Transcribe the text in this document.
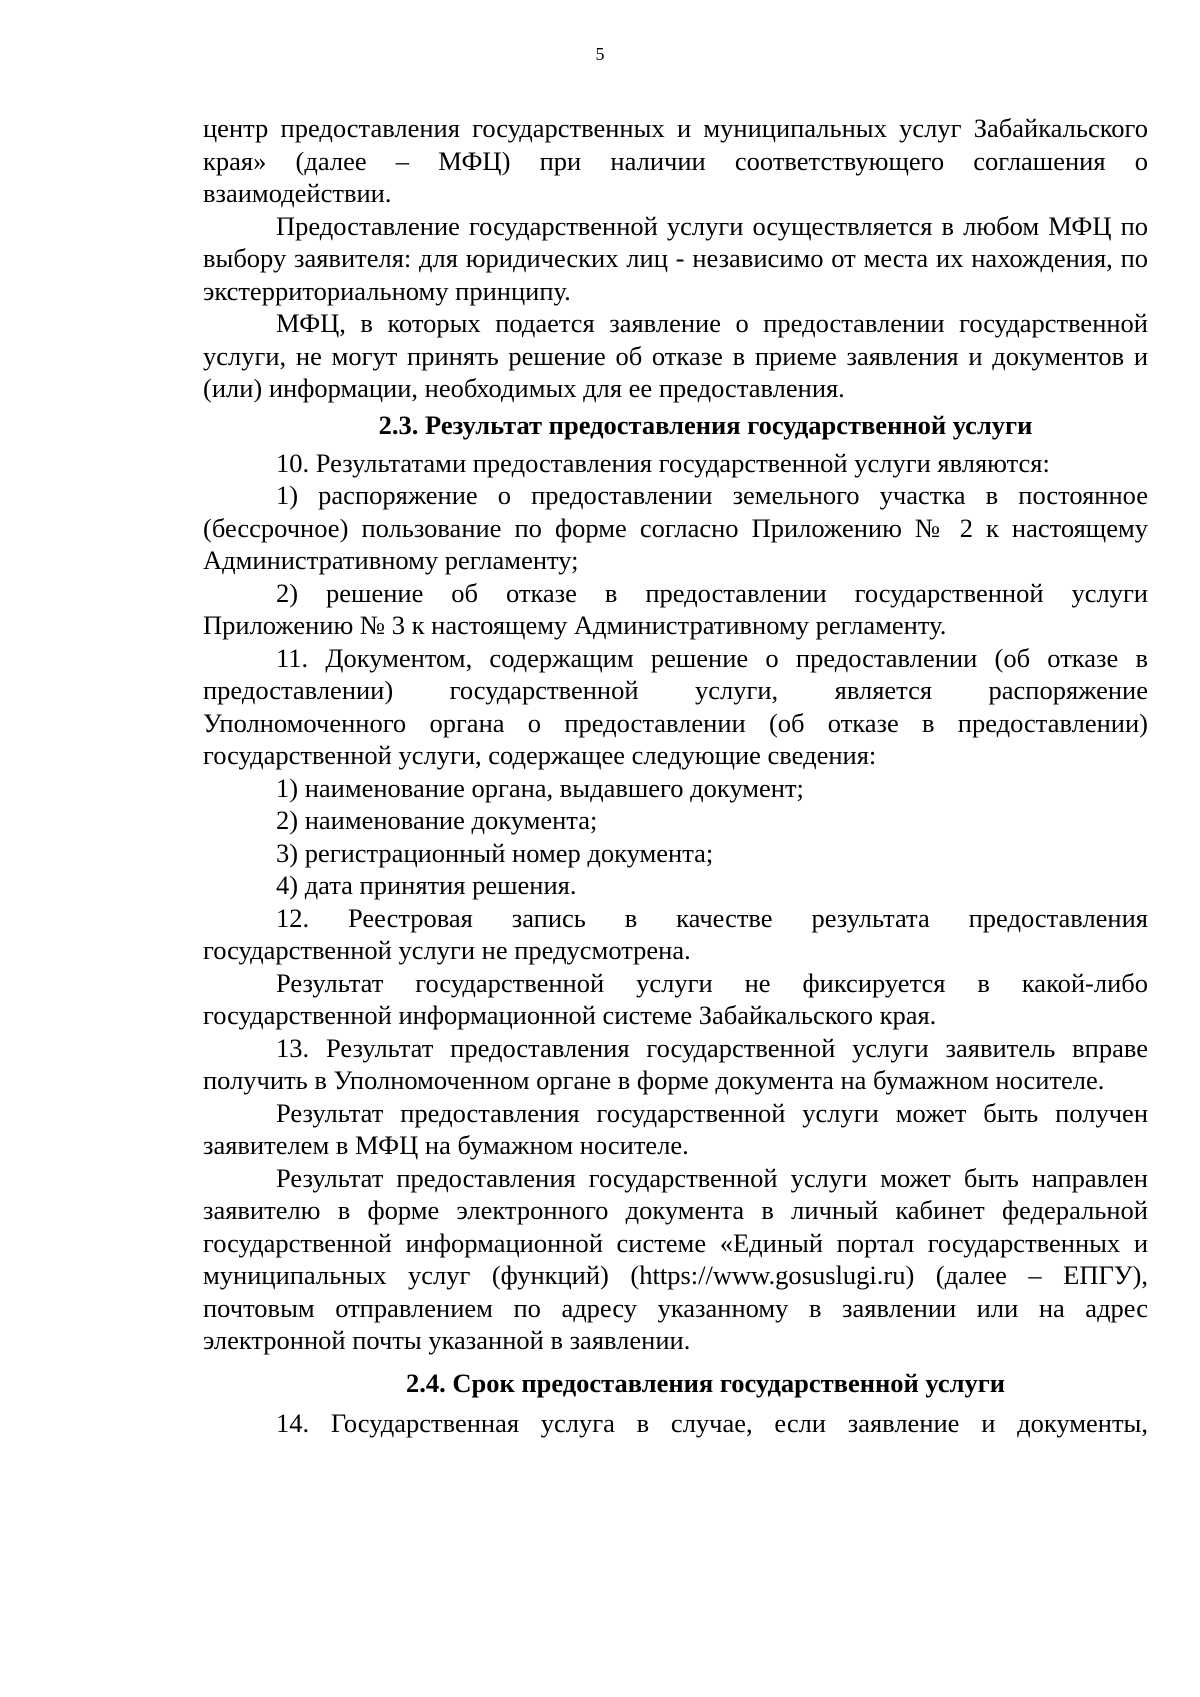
5

центр предоставления государственных и муниципальных услуг Забайкальского края» (далее – МФЦ) при наличии соответствующего соглашения о взаимодействии.

Предоставление государственной услуги осуществляется в любом МФЦ по выбору заявителя: для юридических лиц - независимо от места их нахождения, по экстерриториальному принципу.

МФЦ, в которых подается заявление о предоставлении государственной услуги, не могут принять решение об отказе в приеме заявления и документов и (или) информации, необходимых для ее предоставления.

2.3. Результат предоставления государственной услуги

10. Результатами предоставления государственной услуги являются:

1) распоряжение о предоставлении земельного участка в постоянное (бессрочное) пользование по форме согласно Приложению № 2 к настоящему Административному регламенту;

2) решение об отказе в предоставлении государственной услуги Приложению № 3 к настоящему Административному регламенту.

11. Документом, содержащим решение о предоставлении (об отказе в предоставлении) государственной услуги, является распоряжение Уполномоченного органа о предоставлении (об отказе в предоставлении) государственной услуги, содержащее следующие сведения:

1) наименование органа, выдавшего документ;

2) наименование документа;

3) регистрационный номер документа;

4) дата принятия решения.

12. Реестровая запись в качестве результата предоставления государственной услуги не предусмотрена.

Результат государственной услуги не фиксируется в какой-либо государственной информационной системе Забайкальского края.

13. Результат предоставления государственной услуги заявитель вправе получить в Уполномоченном органе в форме документа на бумажном носителе.

Результат предоставления государственной услуги может быть получен заявителем в МФЦ на бумажном носителе.

Результат предоставления государственной услуги может быть направлен заявителю в форме электронного документа в личный кабинет федеральной государственной информационной системе «Единый портал государственных и муниципальных услуг (функций) (https://www.gosuslugi.ru) (далее – ЕПГУ), почтовым отправлением по адресу указанному в заявлении или на адрес электронной почты указанной в заявлении.

2.4. Срок предоставления государственной услуги

14. Государственная услуга в случае, если заявление и документы,
